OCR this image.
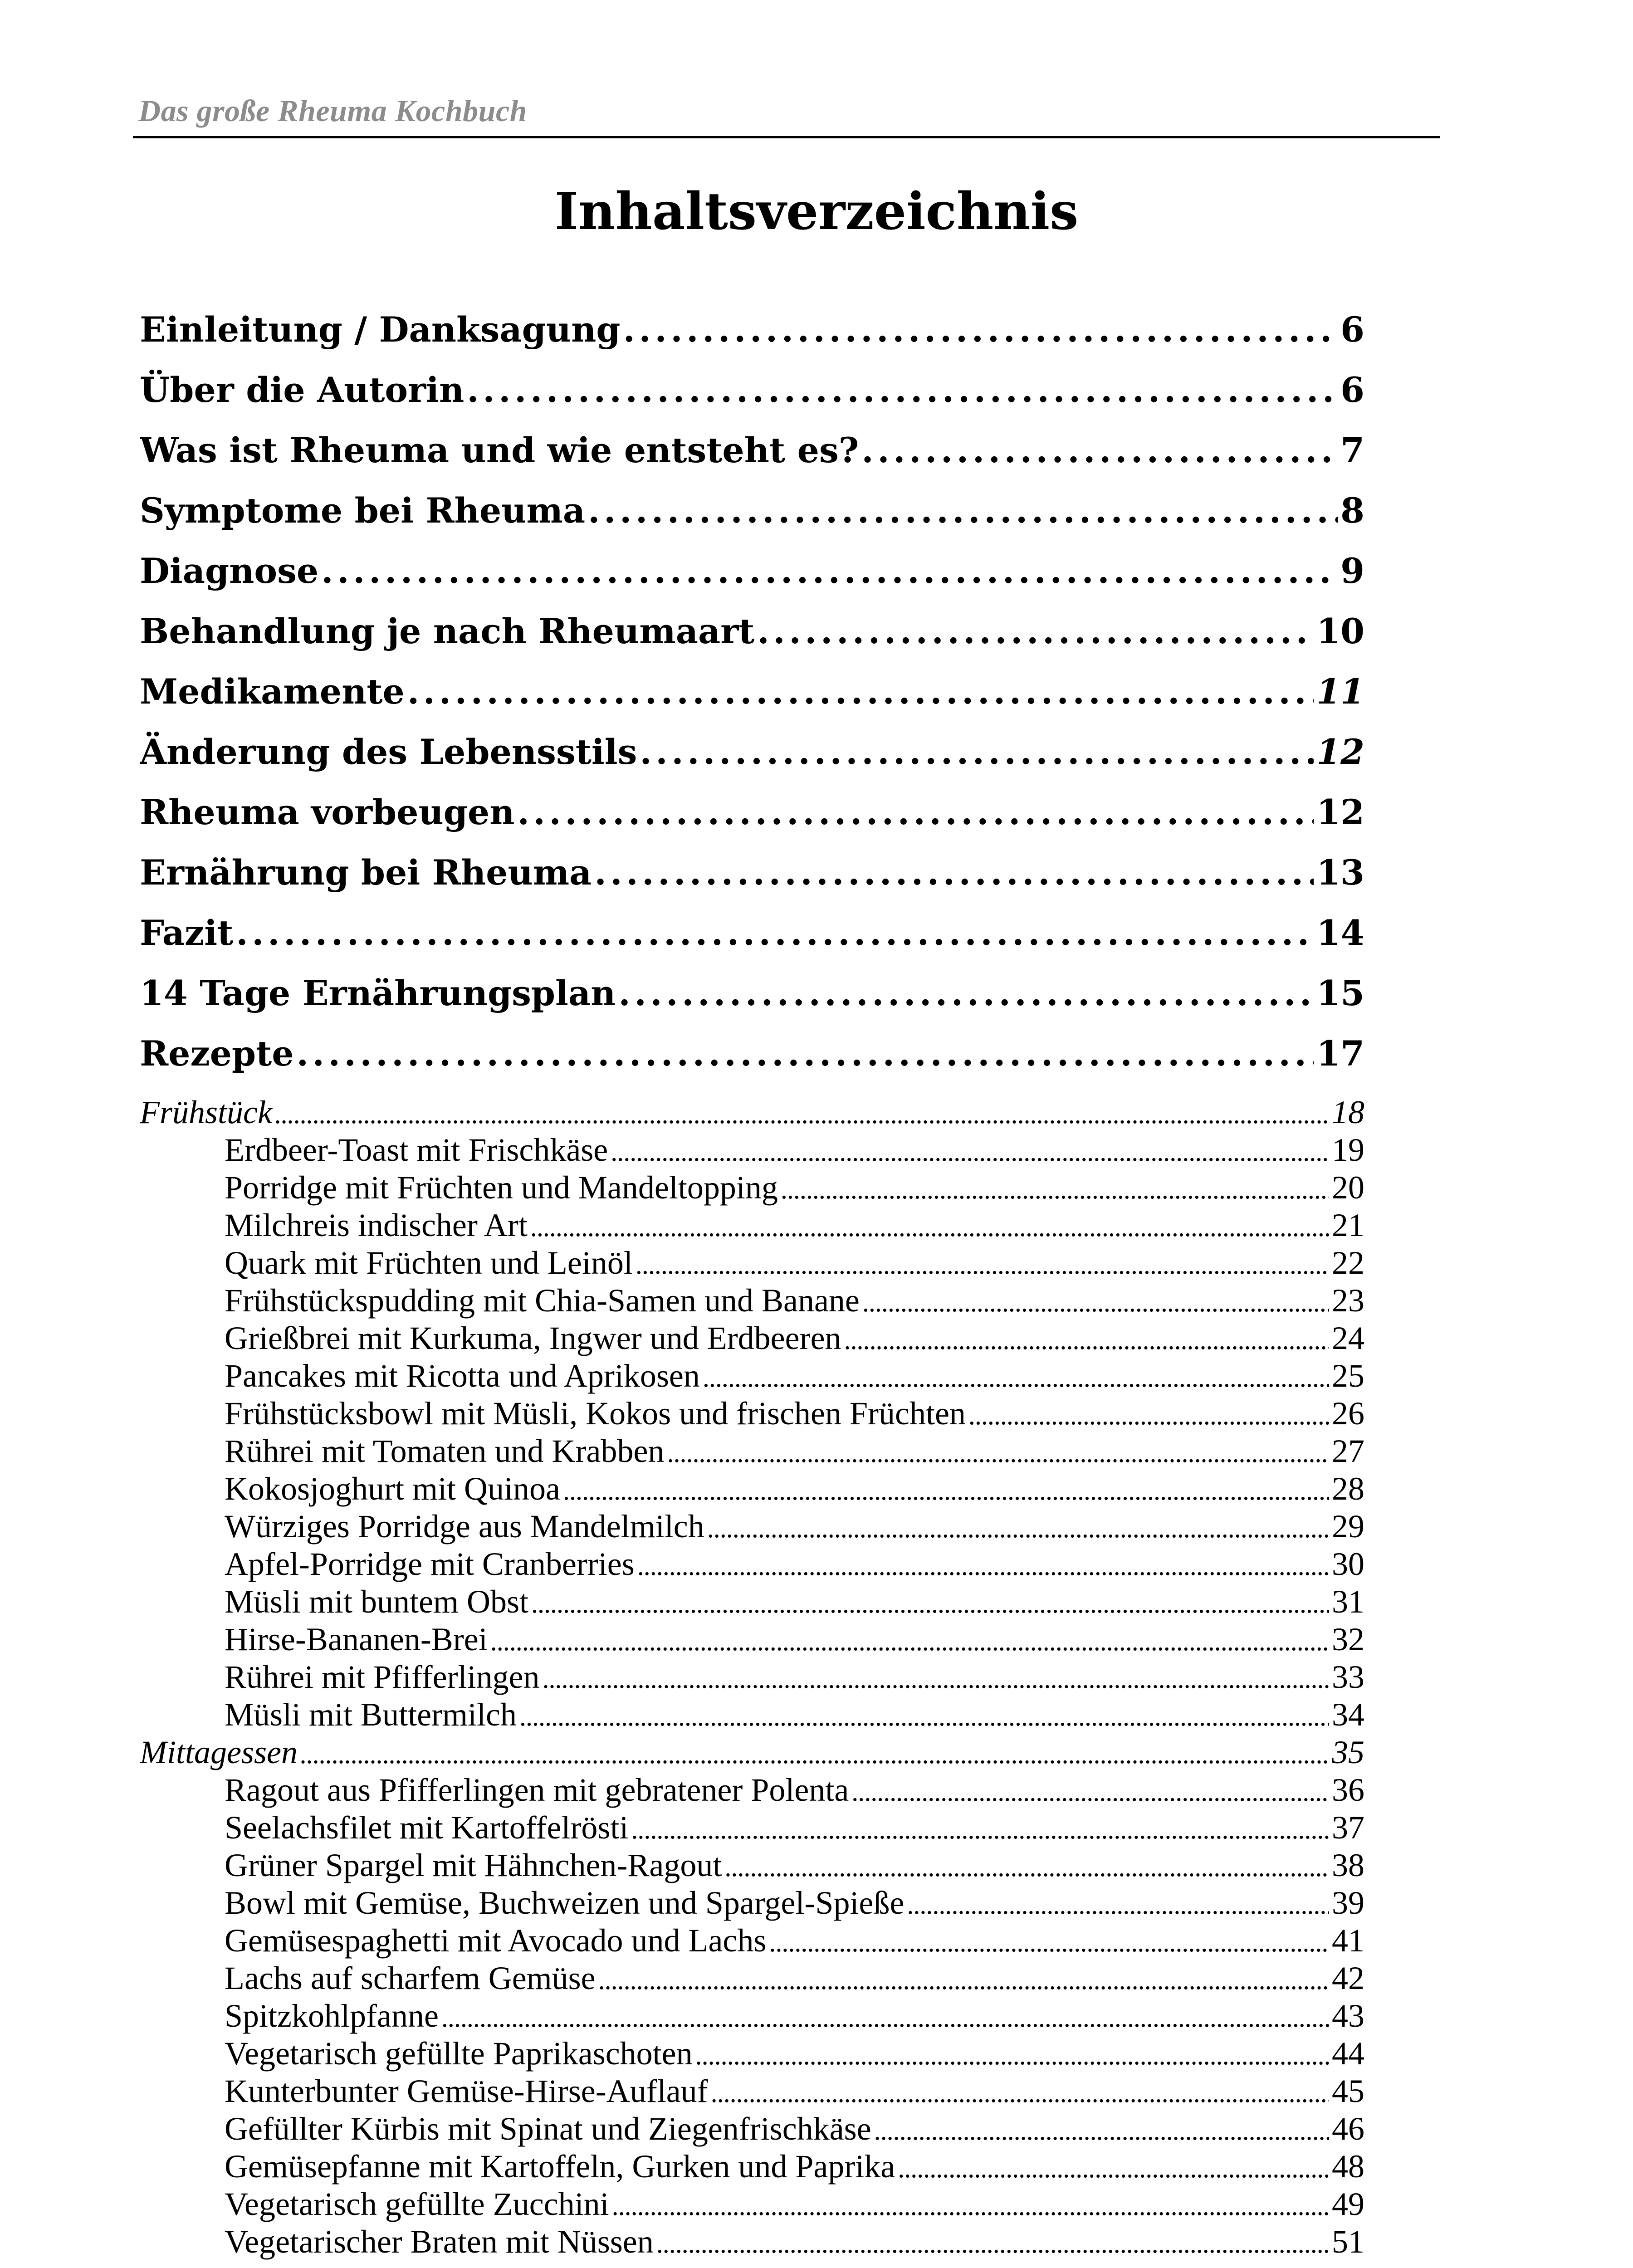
Das große Rheuma Kochbuch
Inhaltsverzeichnis
Einleitung / Danksagung . . .	6
Über die Autorin . . .	6
Was ist Rheuma und wie entsteht es? . . .	7
Symptome bei Rheuma . . .	8
Diagnose . . .	9
Behandlung je nach Rheumaart . . .	10
Medikamente . . .	11
Änderung des Lebensstils . . .	12
Rheuma vorbeugen . . .	12
Ernährung bei Rheuma . . .	13
Fazit . . .	14
14 Tage Ernährungsplan . . .	15
Rezepte . . .	17
Frühstück . . .	18
Erdbeer-Toast mit Frischkäse . . .	19
Porridge mit Früchten und Mandeltopping . . .	20
Milchreis indischer Art . . .	21
Quark mit Früchten und Leinöl . . .	22
Frühstückspudding mit Chia-Samen und Banane . . .	23
Grießbrei mit Kurkuma, Ingwer und Erdbeeren . . .	24
Pancakes mit Ricotta und Aprikosen . . .	25
Frühstücksbowl mit Müsli, Kokos und frischen Früchten . . .	26
Rührei mit Tomaten und Krabben . . .	27
Kokosjoghurt mit Quinoa . . .	28
Würziges Porridge aus Mandelmilch . . .	29
Apfel-Porridge mit Cranberries . . .	30
Müsli mit buntem Obst . . .	31
Hirse-Bananen-Brei . . .	32
Rührei mit Pfifferlingen . . .	33
Müsli mit Buttermilch . . .	34
Mittagessen . . .	35
Ragout aus Pfifferlingen mit gebratener Polenta . . .	36
Seelachsfilet mit Kartoffelrösti . . .	37
Grüner Spargel mit Hähnchen-Ragout . . .	38
Bowl mit Gemüse, Buchweizen und Spargel-Spieße . . .	39
Gemüsespaghetti mit Avocado und Lachs . . .	41
Lachs auf scharfem Gemüse . . .	42
Spitzkohlpfanne . . .	43
Vegetarisch gefüllte Paprikaschoten . . .	44
Kunterbunter Gemüse-Hirse-Auflauf . . .	45
Gefüllter Kürbis mit Spinat und Ziegenfrischkäse . . .	46
Gemüsepfanne mit Kartoffeln, Gurken und Paprika . . .	48
Vegetarisch gefüllte Zucchini . . .	49
Vegetarischer Braten mit Nüssen . . .	51
